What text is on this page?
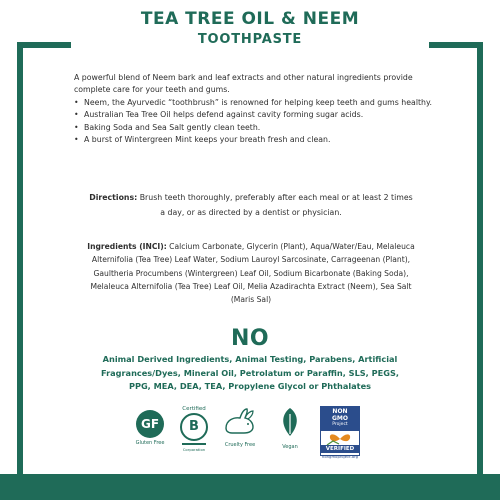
TEA TREE OIL & NEEM
TOOTHPASTE
A powerful blend of Neem bark and leaf extracts and other natural ingredients provide complete care for your teeth and gums.
• Neem, the Ayurvedic “toothbrush” is renowned for helping keep teeth and gums healthy.
• Australian Tea Tree Oil helps defend against cavity forming sugar acids.
• Baking Soda and Sea Salt gently clean teeth.
• A burst of Wintergreen Mint keeps your breath fresh and clean.
Directions: Brush teeth thoroughly, preferably after each meal or at least 2 times a day, or as directed by a dentist or physician.
Ingredients (INCI): Calcium Carbonate, Glycerin (Plant), Aqua/Water/Eau, Melaleuca Alternifolia (Tea Tree) Leaf Water, Sodium Lauroyl Sarcosinate, Carrageenan (Plant), Gaultheria Procumbens (Wintergreen) Leaf Oil, Sodium Bicarbonate (Baking Soda), Melaleuca Alternifolia (Tea Tree) Leaf Oil, Melia Azadirachta Extract (Neem), Sea Salt (Maris Sal)
NO
Animal Derived Ingredients, Animal Testing, Parabens, Artificial Fragrances/Dyes, Mineral Oil, Petrolatum or Paraffin, SLS, PEGS, PPG, MEA, DEA, TEA, Propylene Glycol or Phthalates
GF
Gluten Free
Certified
B
Corporation
Cruelty Free	Vegan
NON
GMO
Project
VERIFIED
nongmoproject.org
